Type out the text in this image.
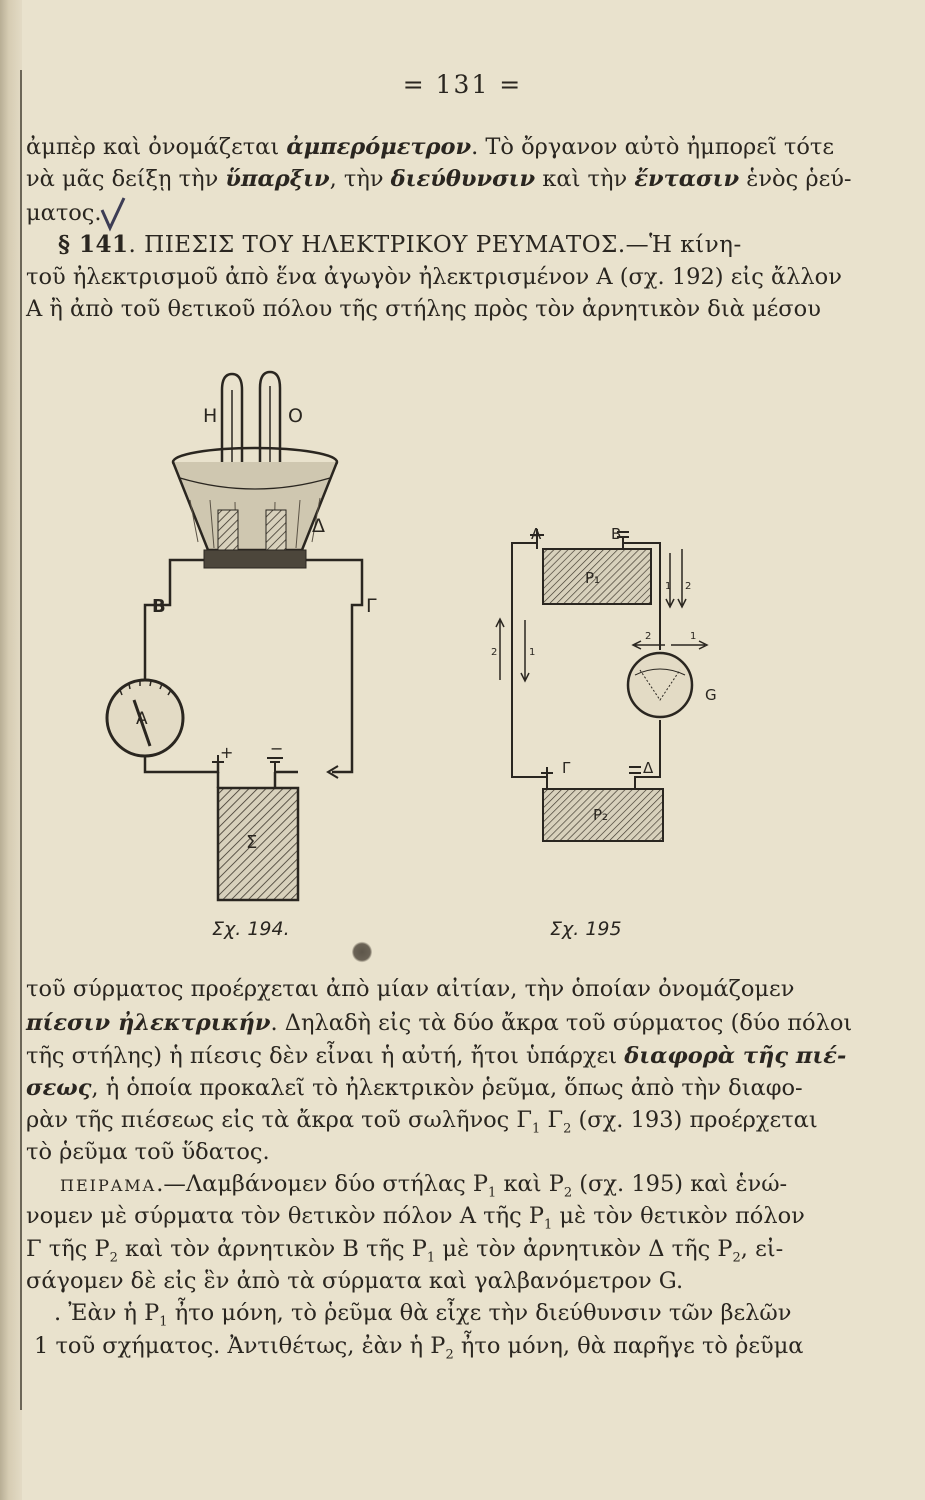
= 131 =
ἀμπὲρ καὶ ὀνομάζεται ἀμπερόμετρον. Τὸ ὄργανον αὐτὸ ἠμπορεῖ τότε
νὰ μᾶς δείξῃ τὴν ὕπαρξιν, τὴν διεύθυνσιν καὶ τὴν ἔντασιν ἑνὸς ῥεύ-
ματος.
§ 141. ΠΙΕΣΙΣ ΤΟΥ ΗΛΕΚΤΡΙΚΟΥ ΡΕΥΜΑΤΟΣ.—Ἡ κίνη-
τοῦ ἠλεκτρισμοῦ ἀπὸ ἕνα ἀγωγὸν ἠλεκτρισμένον Α (σχ. 192) εἰς ἄλλον
Α ἢ ἀπὸ τοῦ θετικοῦ πόλου τῆς στήλης πρὸς τὸν ἀρνητικὸν διὰ μέσου
H	O
Δ
B	Γ
A
+ −
Σ
Σχ. 194.
A	B
P₁
P₂
G
Γ	Δ
1 2
2	1
2	1
Σχ. 195
τοῦ σύρματος προέρχεται ἀπὸ μίαν αἰτίαν, τὴν ὁποίαν ὀνομάζομεν
πίεσιν ἠλεκτρικήν. Δηλαδὴ εἰς τὰ δύο ἄκρα τοῦ σύρματος (δύο πόλοι
τῆς στήλης) ἡ πίεσις δὲν εἶναι ἡ αὐτή, ἤτοι ὑπάρχει διαφορὰ τῆς πιέ-
σεως, ἡ ὁποία προκαλεῖ τὸ ἠλεκτρικὸν ῥεῦμα, ὅπως ἀπὸ τὴν διαφο-
ρὰν τῆς πιέσεως εἰς τὰ ἄκρα τοῦ σωλῆνος $\Gamma_1$ $\Gamma_2$ (σχ. 193) προέρχεται
τὸ ῥεῦμα τοῦ ὕδατος.
ΠΕΙΡΑΜΑ.—Λαμβάνομεν δύο στήλας $P_1$ καὶ $P_2$ (σχ. 195) καὶ ἑνώ-
νομεν μὲ σύρματα τὸν θετικὸν πόλον Α τῆς $P_1$ μὲ τὸν θετικὸν πόλον
Γ τῆς $P_2$ καὶ τὸν ἀρνητικὸν Β τῆς $P_1$ μὲ τὸν ἀρνητικὸν Δ τῆς $P_2$, εἰ-
σάγομεν δὲ εἰς ἓν ἀπὸ τὰ σύρματα καὶ γαλβανόμετρον G.
. Ἐὰν ἡ $P_1$ ἦτο μόνη, τὸ ῥεῦμα θὰ εἶχε τὴν διεύθυνσιν τῶν βελῶν
1 τοῦ σχήματος. Ἀντιθέτως, ἐὰν ἡ $P_2$ ἦτο μόνη, θὰ παρῆγε τὸ ῥεῦμα
